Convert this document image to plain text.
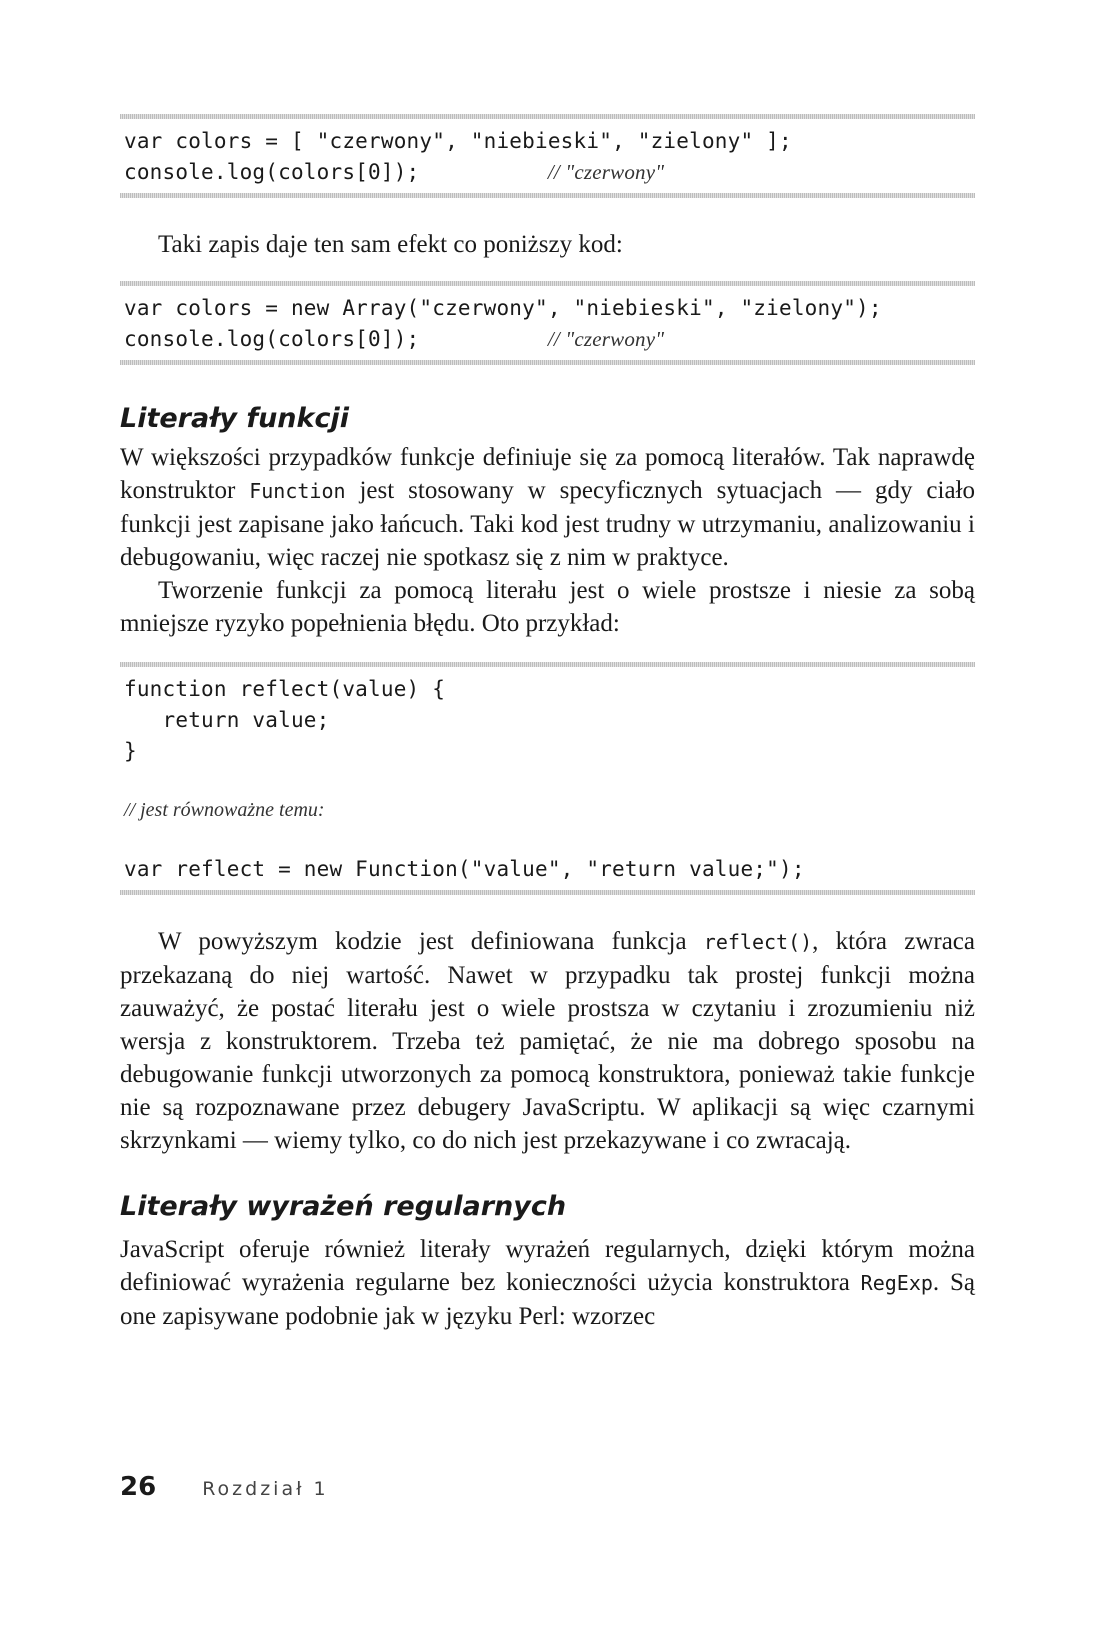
var colors = [ "czerwony", "niebieski", "zielony" ];
console.log(colors[0]);          // "czerwony"

Taki zapis daje ten sam efekt co poniższy kod:

var colors = new Array("czerwony", "niebieski", "zielony");
console.log(colors[0]);          // "czerwony"
Literały funkcji

W większości przypadków funkcje definiuje się za pomocą literałów. Tak naprawdę konstruktor Function jest stosowany w specyficznych sytuacjach — gdy ciało funkcji jest zapisane jako łańcuch. Taki kod jest trudny w utrzymaniu, analizowaniu i debugowaniu, więc raczej nie spotkasz się z nim w praktyce.

Tworzenie funkcji za pomocą literału jest o wiele prostsze i niesie za sobą mniejsze ryzyko popełnienia błędu. Oto przykład:

function reflect(value) {
return value;
}
// jest równoważne temu:
var reflect = new Function("value", "return value;");

W powyższym kodzie jest definiowana funkcja reflect(), która zwraca przekazaną do niej wartość. Nawet w przypadku tak prostej funkcji można zauważyć, że postać literału jest o wiele prostsza w czytaniu i zrozumieniu niż wersja z konstruktorem. Trzeba też pamiętać, że nie ma dobrego sposobu na debugowanie funkcji utworzonych za pomocą konstruktora, ponieważ takie funkcje nie są rozpoznawane przez debugery JavaScriptu. W aplikacji są więc czarnymi skrzynkami — wiemy tylko, co do nich jest przekazywane i co zwracają.

Literały wyrażeń regularnych

JavaScript oferuje również literały wyrażeń regularnych, dzięki którym można definiować wyrażenia regularne bez konieczności użycia konstruktora RegExp. Są one zapisywane podobnie jak w języku Perl: wzorzec

26 Rozdział 1
